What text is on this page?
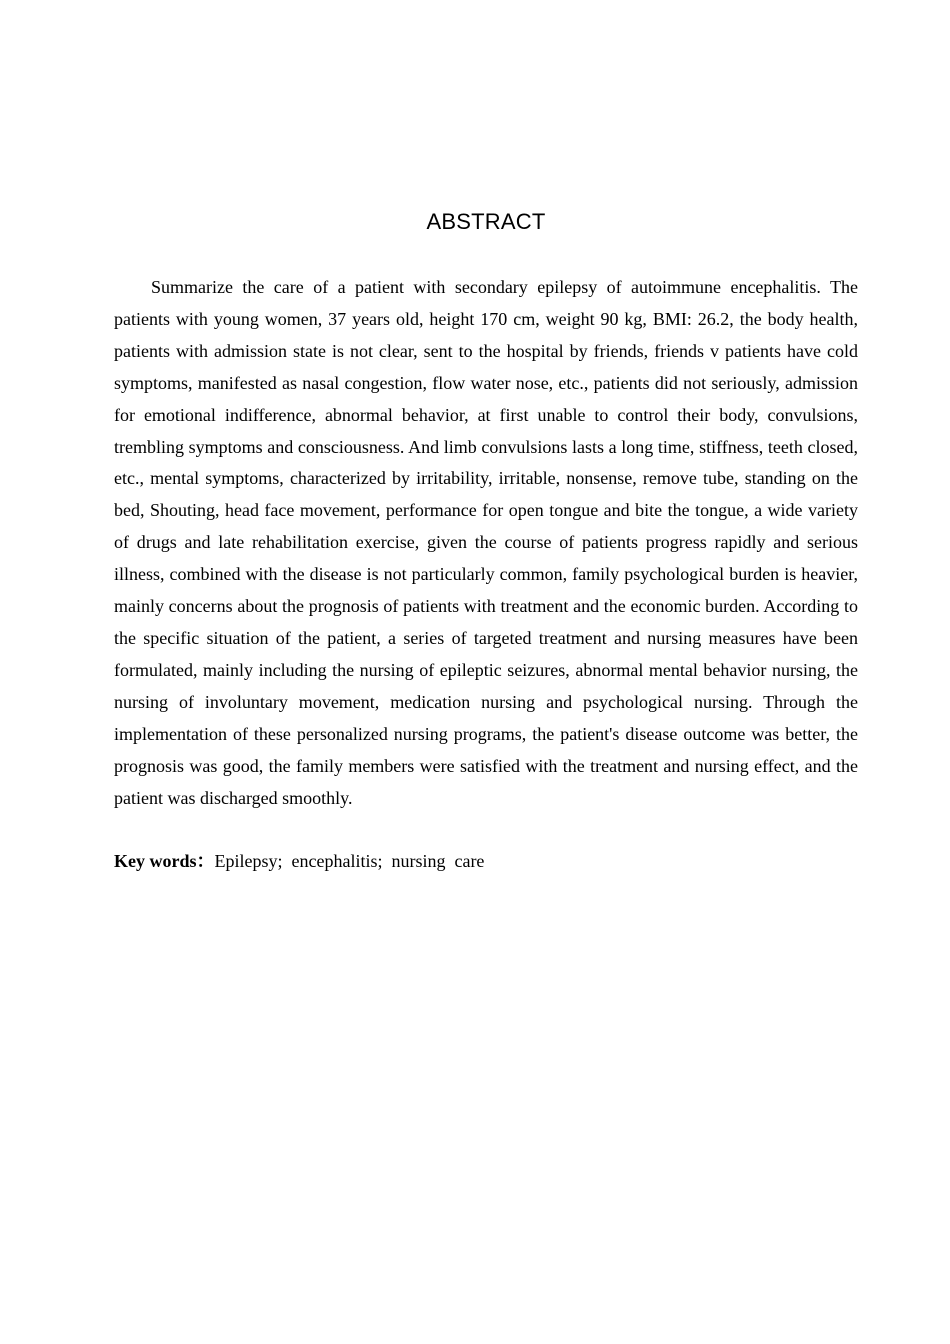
ABSTRACT

Summarize the care of a patient with secondary epilepsy of autoimmune encephalitis. The patients with young women, 37 years old, height 170 cm, weight 90 kg, BMI: 26.2, the body health, patients with admission state is not clear, sent to the hospital by friends, friends v patients have cold symptoms, manifested as nasal congestion, flow water nose, etc., patients did not seriously, admission for emotional indifference, abnormal behavior, at first unable to control their body, convulsions, trembling symptoms and consciousness. And limb convulsions lasts a long time, stiffness, teeth closed, etc., mental symptoms, characterized by irritability, irritable, nonsense, remove tube, standing on the bed, Shouting, head face movement, performance for open tongue and bite the tongue, a wide variety of drugs and late rehabilitation exercise, given the course of patients progress rapidly and serious illness, combined with the disease is not particularly common, family psychological burden is heavier, mainly concerns about the prognosis of patients with treatment and the economic burden. According to the specific situation of the patient, a series of targeted treatment and nursing measures have been formulated, mainly including the nursing of epileptic seizures, abnormal mental behavior nursing, the nursing of involuntary movement, medication nursing and psychological nursing. Through the implementation of these personalized nursing programs, the patient's disease outcome was better, the prognosis was good, the family members were satisfied with the treatment and nursing effect, and the patient was discharged smoothly.

Key words：Epilepsy;  encephalitis;  nursing  care
